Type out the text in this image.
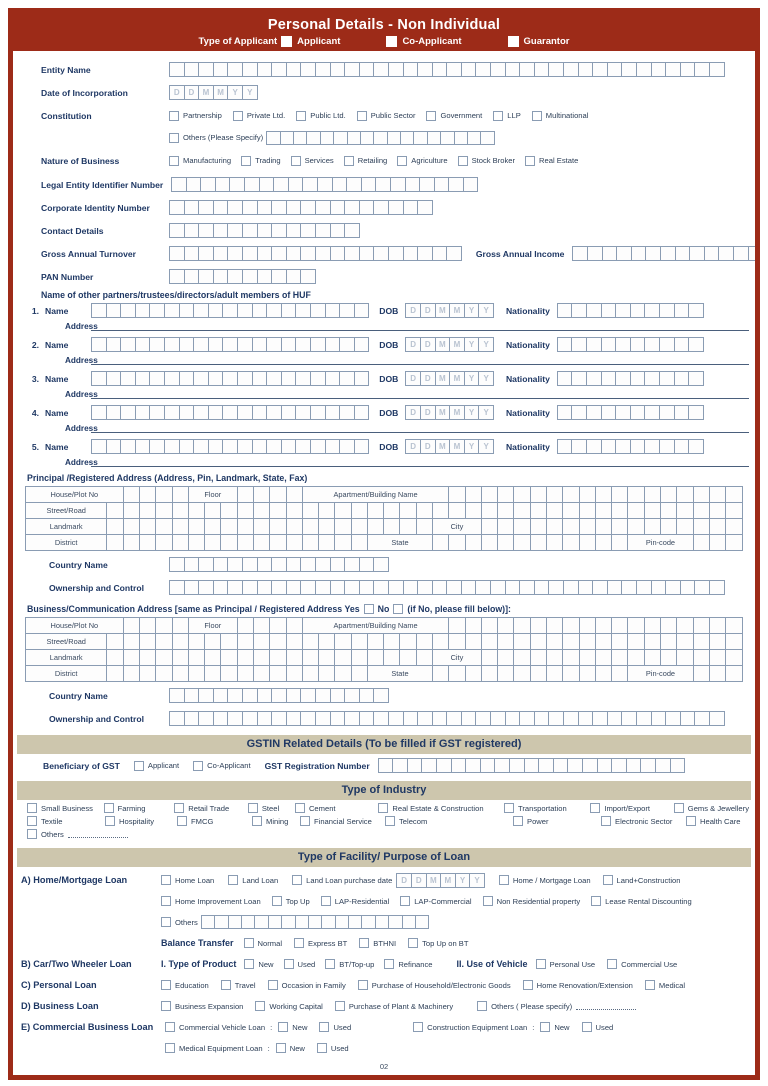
Personal Details - Non Individual
Type of Applicant Applicant	Co-Applicant	Guarantor
Entity Name
Date of Incorporation	D	D	M M	Y	Y
Constitution	Partnership	Private Ltd.	Public Ltd.	Public Sector	Government	LLP	Multinational
Others (Please Specify)
Nature of Business	Manufacturing	Trading	Services	Retailing	Agriculture	Stock Broker	Real Estate
Legal Entity Identifier Number
Corporate Identity Number
Contact Details
Gross Annual Turnover	Gross Annual Income
PAN Number
Name of other partners/trustees/directors/adult members of HUF
1. Name	DOB	D	D	M M	Y	Y	Nationality
Address
2. Name	DOB	D	D	M M	Y	Y	Nationality
Address
3. Name	DOB	D	D	M M	Y	Y	Nationality
Address
4. Name	DOB	D	D	M M	Y	Y	Nationality
Address
5. Name	DOB	D	D	M M	Y	Y	Nationality
Address
Principal /Registered Address (Address, Pin, Landmark, State, Fax)
House/Plot No						Floor							Apartment/Building Name																										
Street/Road																																							
Landmark																					City																		
District																	State																Pin-code						
Country Name
Ownership and Control
Business/Communication Address [same as Principal / Registered Address Yes No (if No, please fill below)]:
House/Plot No						Floor							Apartment/Building Name																										
Street/Road																																							
Landmark																					City																		
District																	State																Pin-code						
Country Name
Ownership and Control
GSTIN Related Details (To be filled if GST registered)
Beneficiary of GST	Applicant	Co-Applicant GST Registration Number
Type of Industry
Small Business	Farming	Retail Trade	Steel	Cement	Real Estate & Construction	Transportation	Import/Export	Gems & Jewellery
Textile	Hospitality	FMCG	Mining	Financial Service	Telecom	Power	Electronic Sector	Health Care
Others
Type of Facility/ Purpose of Loan
A) Home/Mortgage Loan	Home Loan	Land Loan	Land Loan purchase date	D	D	M M	Y	Y	Home / Mortgage Loan	Land+Construction
Home Improvement Loan	Top Up	LAP-Residential	LAP-Commercial	Non Residential property	Lease Rental Discounting
Others
Balance Transfer	Normal	Express BT	BTHNI	Top Up on BT
B) Car/Two Wheeler Loan	I. Type of Product	New	Used	BT/Top-up	Refinance	II. Use of Vehicle	Personal Use	Commercial Use
C) Personal Loan	Education	Travel	Occasion in Family	Purchase of Household/Electronic Goods	Home Renovation/Extension	Medical
D) Business Loan	Business Expansion	Working Capital	Purchase of Plant & Machinery	Others ( Please specify)
E) Commercial Business Loan	Commercial Vehicle Loan :	New	Used	Construction Equipment Loan :	New	Used
Medical Equipment Loan :	New	Used
02
